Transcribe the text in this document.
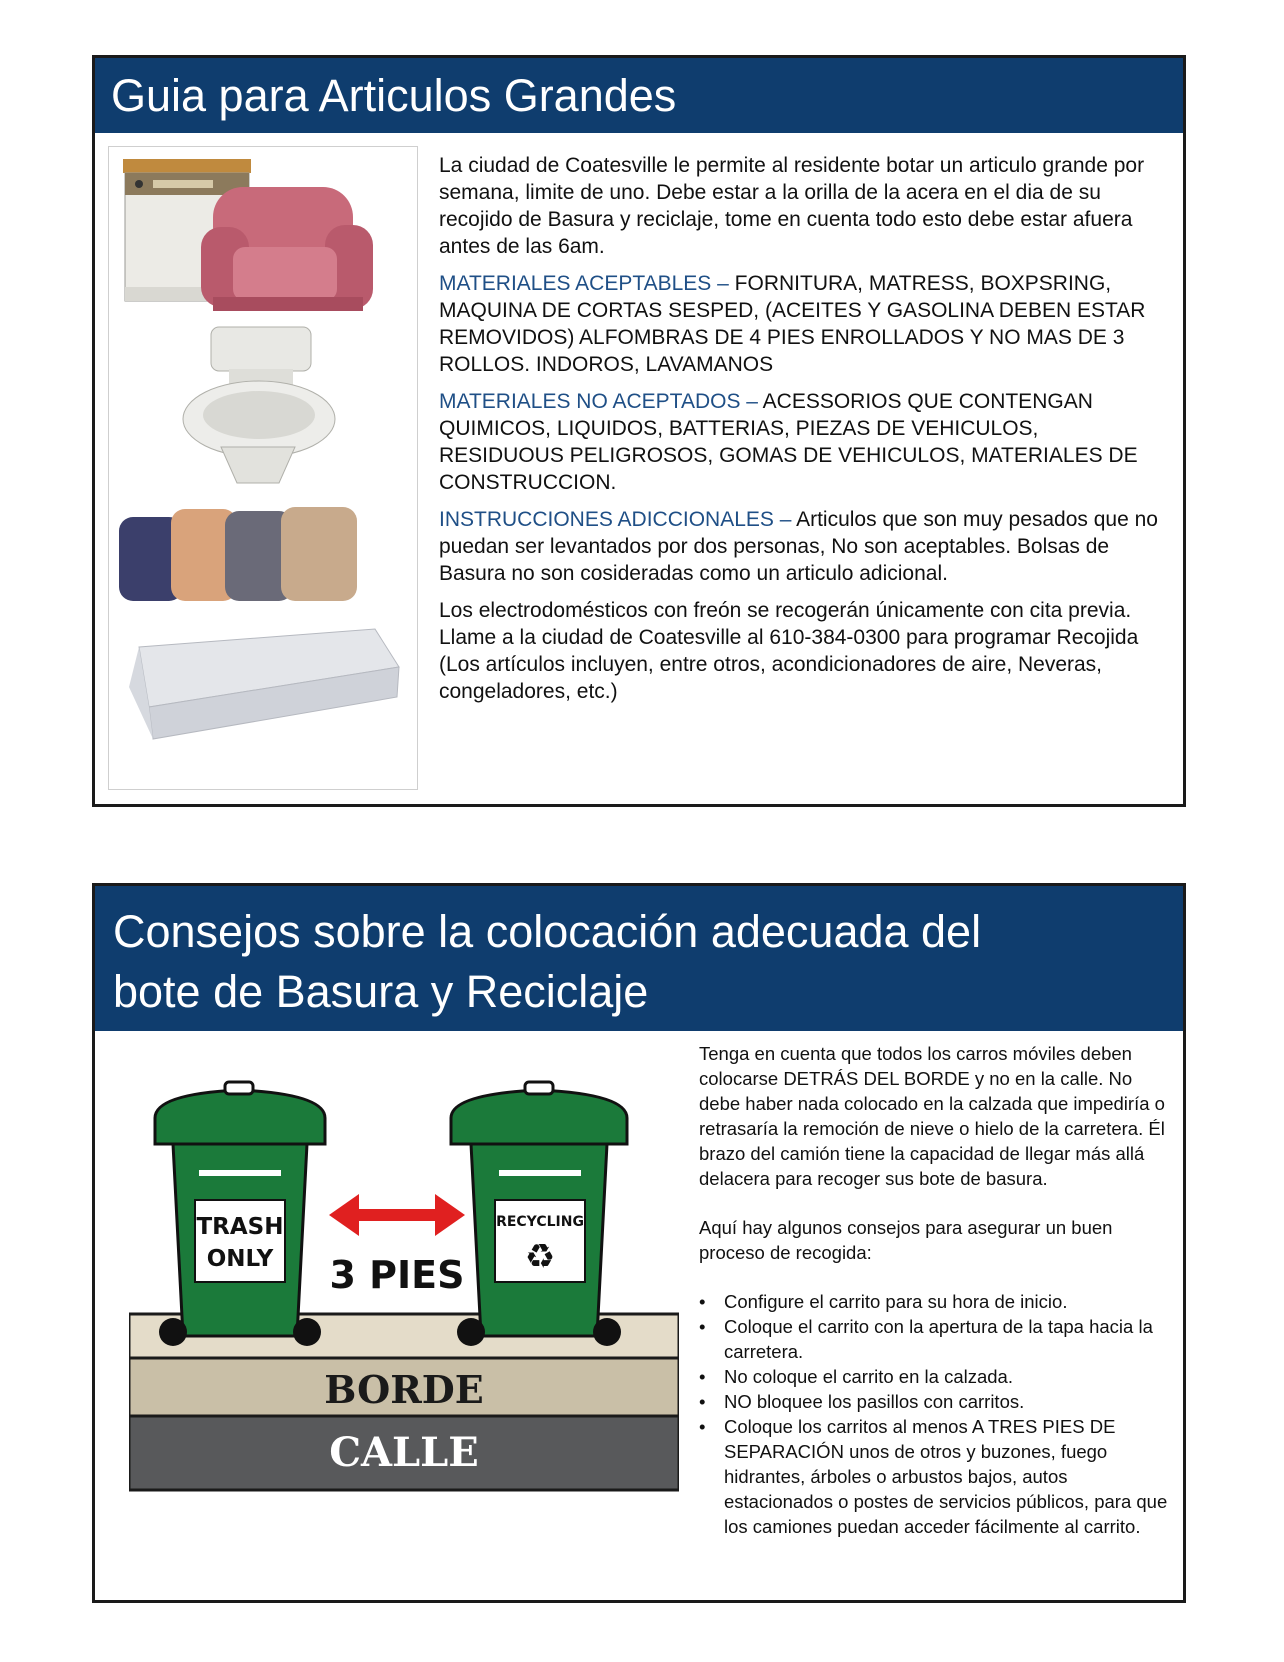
Guia para Articulos Grandes

La ciudad de Coatesville le permite al residente botar un articulo grande por semana, limite de uno. Debe estar a la orilla de la acera en el dia de su recojido de Basura y reciclaje, tome en cuenta todo esto debe estar afuera antes de las 6am.

MATERIALES ACEPTABLES – FORNITURA, MATRESS, BOXPSRING, MAQUINA DE CORTAS SESPED, (ACEITES Y GASOLINA DEBEN ESTAR REMOVIDOS) ALFOMBRAS DE 4 PIES ENROLLADOS Y NO MAS DE 3 ROLLOS. INDOROS, LAVAMANOS

MATERIALES NO ACEPTADOS – ACESSORIOS QUE CONTENGAN QUIMICOS, LIQUIDOS, BATTERIAS, PIEZAS DE VEHICULOS, RESIDUOUS PELIGROSOS, GOMAS DE VEHICULOS, MATERIALES DE CONSTRUCCION.

INSTRUCCIONES ADICCIONALES – Articulos que son muy pesados que no puedan ser levantados por dos personas, No son aceptables. Bolsas de Basura no son cosideradas como un articulo adicional.

Los electrodomésticos con freón se recogerán únicamente con cita previa. Llame a la ciudad de Coatesville al 610-384-0300 para programar Recojida (Los artículos incluyen, entre otros, acondicionadores de aire, Neveras, congeladores, etc.)

Consejos sobre la colocación adecuada del
bote de Basura y Reciclaje
BORDE
CALLE
TRASH
ONLY 3 PIES
RECYCLING
♻

Tenga en cuenta que todos los carros móviles deben colocarse DETRÁS DEL BORDE y no en la calle. No debe haber nada colocado en la calzada que impediría o retrasaría la remoción de nieve o hielo de la carretera. Él brazo del camión tiene la capacidad de llegar más allá delacera para recoger sus bote de basura.

Aquí hay algunos consejos para asegurar un buen proceso de recogida:

• Configure el carrito para su hora de inicio.
• Coloque el carrito con la apertura de la tapa hacia la carretera.
• No coloque el carrito en la calzada.
• NO bloquee los pasillos con carritos.
• Coloque los carritos al menos A TRES PIES DE SEPARACIÓN unos de otros y buzones, fuego hidrantes, árboles o arbustos bajos, autos estacionados o postes de servicios públicos, para que los camiones puedan acceder fácilmente al carrito.
